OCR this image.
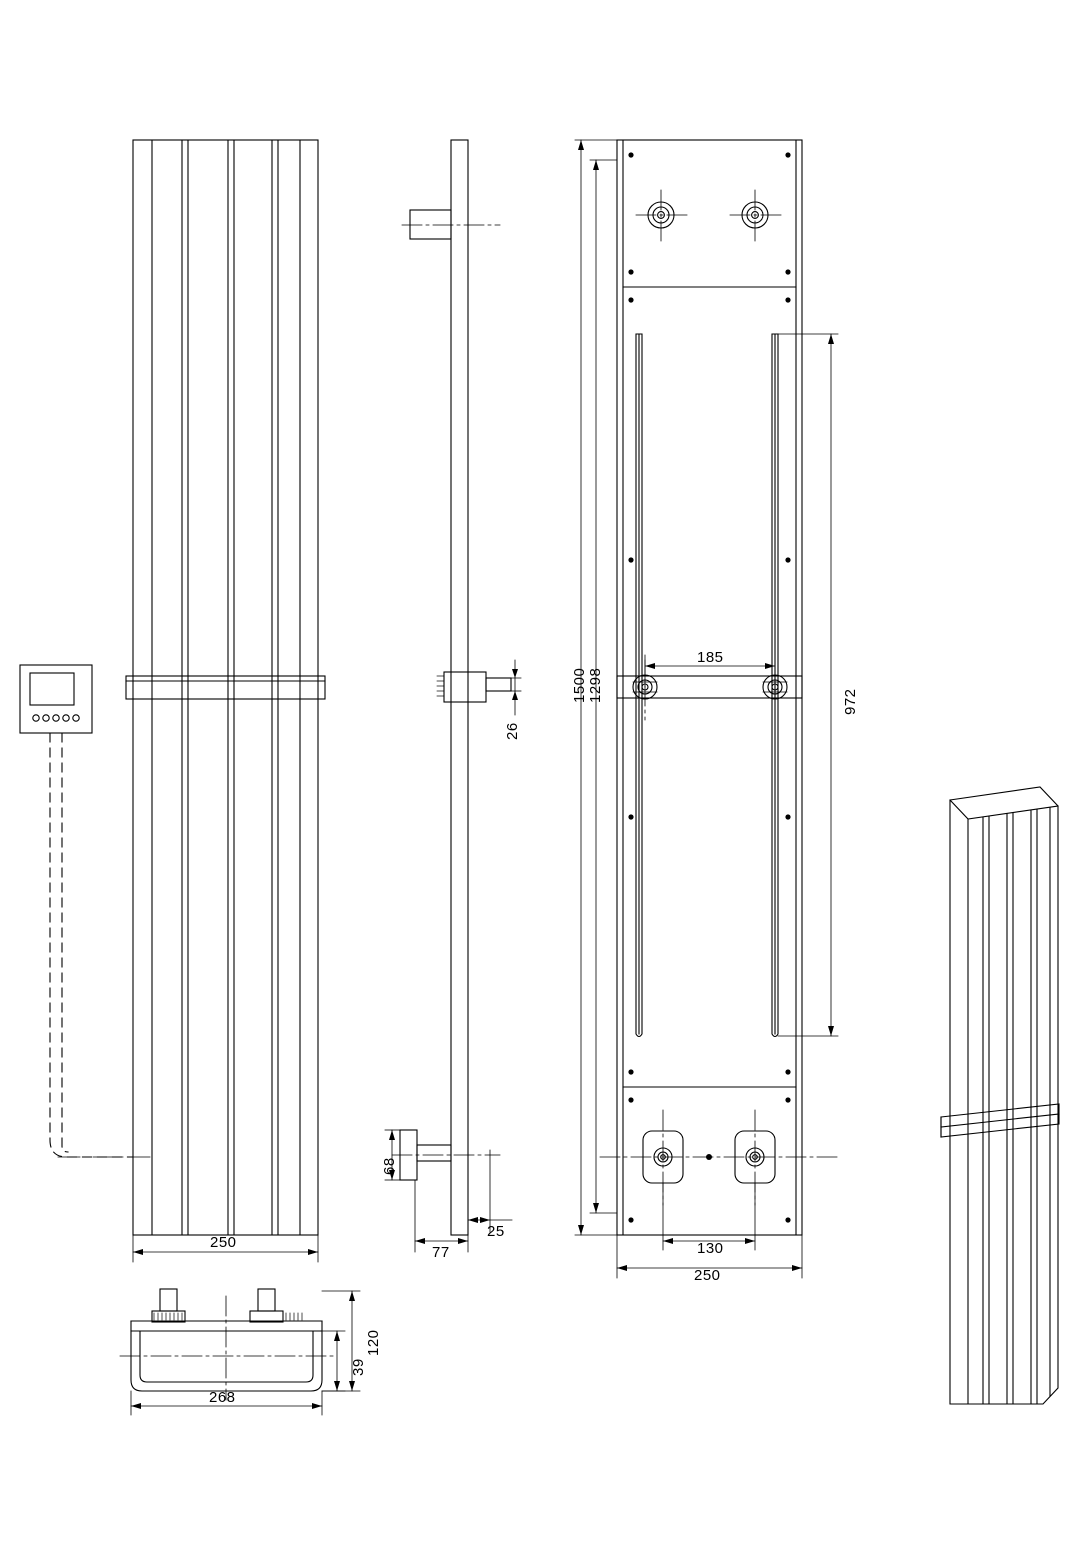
250
268
120
39
77
25
26
68
1500 1298	972
185
130
250
